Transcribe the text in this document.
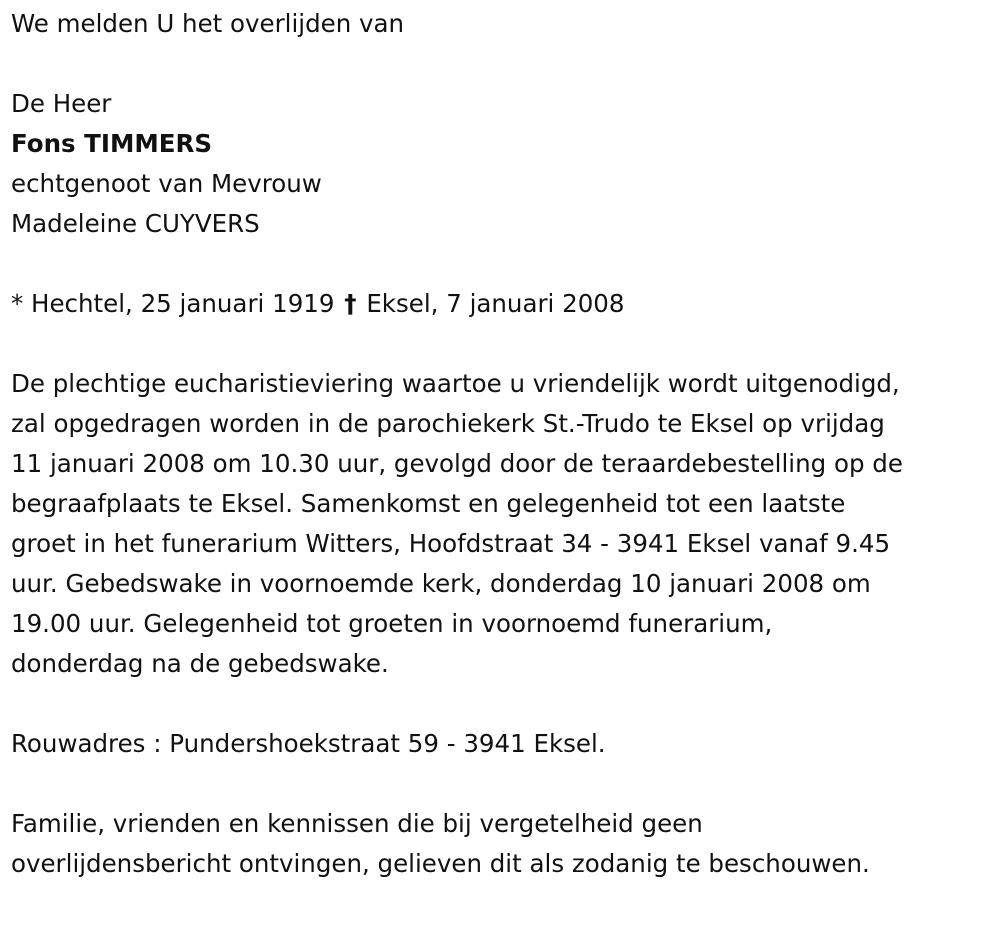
We melden U het overlijden van
De Heer
Fons TIMMERS
echtgenoot van Mevrouw
Madeleine CUYVERS
* Hechtel, 25 januari 1919 † Eksel, 7 januari 2008
De plechtige eucharistieviering waartoe u vriendelijk wordt uitgenodigd,
zal opgedragen worden in de parochiekerk St.-Trudo te Eksel op vrijdag
11 januari 2008 om 10.30 uur, gevolgd door de teraardebestelling op de
begraafplaats te Eksel. Samenkomst en gelegenheid tot een laatste
groet in het funerarium Witters, Hoofdstraat 34 - 3941 Eksel vanaf 9.45
uur. Gebedswake in voornoemde kerk, donderdag 10 januari 2008 om
19.00 uur. Gelegenheid tot groeten in voornoemd funerarium,
donderdag na de gebedswake.
Rouwadres : Pundershoekstraat 59 - 3941 Eksel.
Familie, vrienden en kennissen die bij vergetelheid geen
overlijdensbericht ontvingen, gelieven dit als zodanig te beschouwen.
